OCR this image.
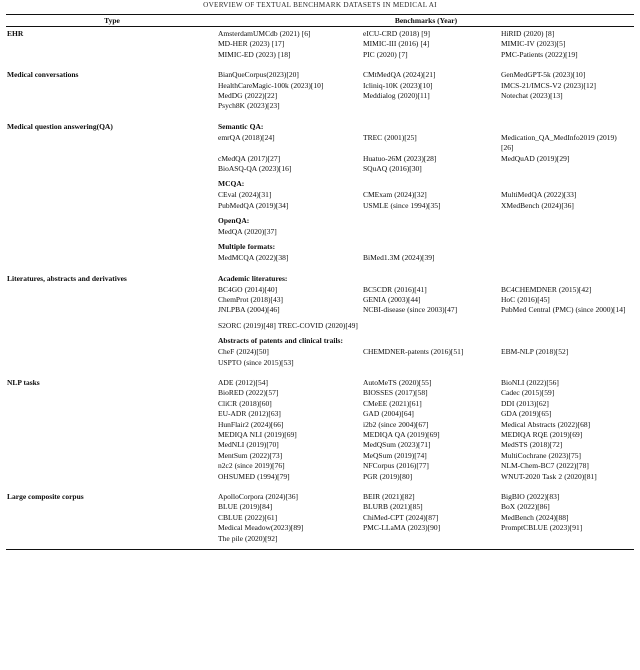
OVERVIEW OF TEXTUAL BENCHMARK DATASETS IN MEDICAL AI

Type	Benchmarks (Year)		

EHR	AmsterdamUMCdb (2021) [6]	eICU-CRD (2018) [9]	HiRID (2020) [8]
	MD-HER (2023) [17]	MIMIC-III (2016) [4]	MIMIC-IV (2023)[5]
	MIMIC-ED (2023) [18]	PIC (2020) [7]	PMC-Patients (2022)[19]

Medical conversations	BianQueCorpus(2023)[20]	CMtMedQA (2024)[21]	GenMedGPT-5k (2023)[10]
	HealthCareMagic-100k (2023)[10]	Icliniq-10K (2023)[10]	IMCS-21/IMCS-V2 (2023)[12]
	MedDG (2022)[22]	Meddialog (2020)[11]	Notechat (2023)[13]
	Psych8K (2023)[23]		

Medical question answering(QA)	Semantic QA:		

	emrQA (2018)[24]	TREC (2001)[25]	Medication_QA_MedInfo2019 (2019)[26]
	cMedQA (2017)[27]	Huatuo-26M (2023)[28]	MedQuAD (2019)[29]
	BioASQ-QA (2023)[16]	SQuAQ (2016)[30]	

	MCQA:		

	CEval (2024)[31]	CMExam (2024)[32]	MultiMedQA (2022)[33]
	PubMedQA (2019)[34]	USMLE (since 1994)[35]	XMedBench (2024)[36]

	OpenQA:		

	MedQA (2020)[37]		

	Multiple formats:		

	MedMCQA (2022)[38]	BiMed1.3M (2024)[39]	

Literatures, abstracts and derivatives	Academic literatures:		

	BC4GO (2014)[40]	BC5CDR (2016)[41]	BC4CHEMDNER (2015)[42]
	ChemProt (2018)[43]	GENIA (2003)[44]	HoC (2016)[45]
	JNLPBA (2004)[46]	NCBI-disease (since 2003)[47]	PubMed Central (PMC) (since 2000)[14]

	S2ORC (2019)[48] TREC-COVID (2020)[49]		

	Abstracts of patents and clinical trails:		

	CheF (2024)[50]	CHEMDNER-patents (2016)[51]	EBM-NLP (2018)[52]
	USPTO (since 2015)[53]		

NLP tasks	ADE (2012)[54]	AutoMeTS (2020)[55]	BioNLI (2022)[56]
	BioRED (2022)[57]	BIOSSES (2017)[58]	Cadec (2015)[59]
	CliCR (2018)[60]	CMeEE (2021)[61]	DDI (2013)[62]
	EU-ADR (2012)[63]	GAD (2004)[64]	GDA (2019)[65]
	HunFlair2 (2024)[66]	i2b2 (since 2004)[67]	Medical Abstracts (2022)[68]
	MEDIQA NLI (2019)[69]	MEDIQA QA (2019)[69]	MEDIQA RQE (2019)[69]
	MedNLI (2019)[70]	MedQSum (2023)[71]	MedSTS (2018)[72]
	MentSum (2022)[73]	MeQSum (2019)[74]	MultiCochrane (2023)[75]
	n2c2 (since 2019)[76]	NFCorpus (2016)[77]	NLM-Chem-BC7 (2022)[78]
	OHSUMED (1994)[79]	PGR (2019)[80]	WNUT-2020 Task 2 (2020)[81]

Large composite corpus	ApolloCorpora (2024)[36]	BEIR (2021)[82]	BigBIO (2022)[83]
	BLUE (2019)[84]	BLURB (2021)[85]	BoX (2022)[86]
	CBLUE (2022)[61]	ChiMed-CPT (2024)[87]	MedBench (2024)[88]
	Medical Meadow(2023)[89]	PMC-LLaMA (2023)[90]	PromptCBLUE (2023)[91]
	The pile (2020)[92]		
